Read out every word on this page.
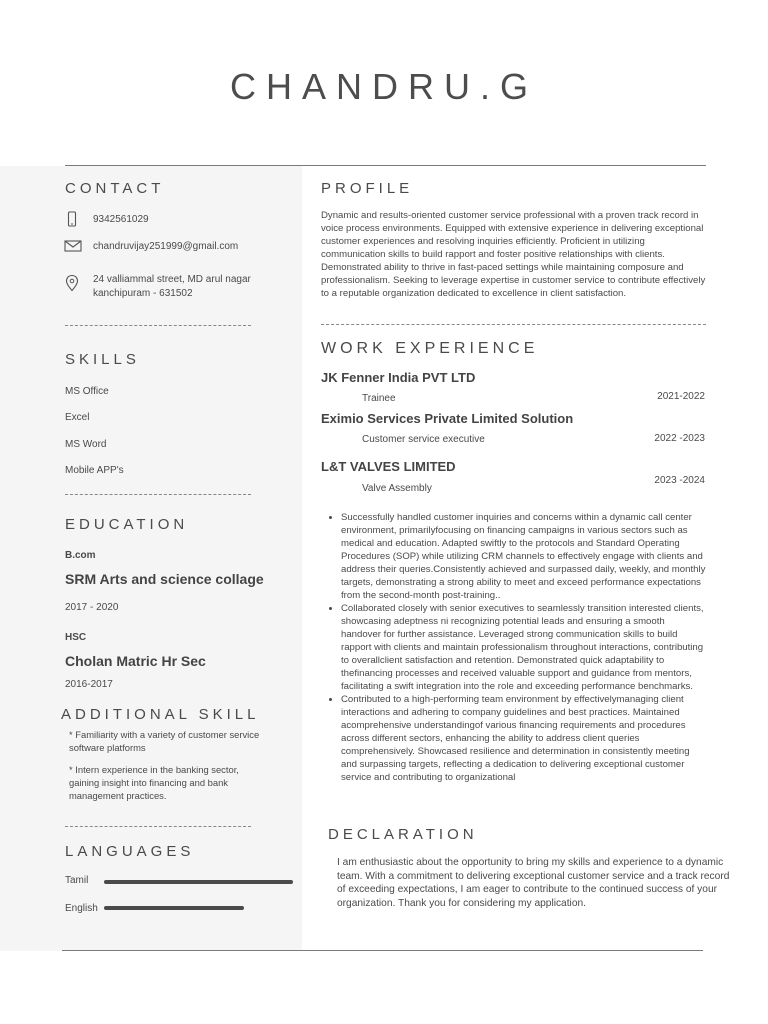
CHANDRU.G
CONTACT
9342561029
chandruvijay251999@gmail.com
24 valliammal street, MD arul nagar
kanchipuram - 631502
SKILLS
MS Office
Excel
MS Word
Mobile APP's
EDUCATION
B.com
SRM Arts and science collage
2017 - 2020
HSC
Cholan Matric Hr Sec
2016-2017
ADDITIONAL SKILL
* Familiarity with a variety of customer service software platforms
* Intern experience in the banking sector, gaining insight into financing and bank management practices.
LANGUAGES
Tamil
English
PROFILE
Dynamic and results-oriented customer service professional with a proven track record in voice process environments. Equipped with extensive experience in delivering exceptional customer experiences and resolving inquiries efficiently. Proficient in utilizing communication skills to build rapport and foster positive relationships with clients. Demonstrated ability to thrive in fast-paced settings while maintaining composure and professionalism. Seeking to leverage expertise in customer service to contribute effectively to a reputable organization dedicated to excellence in client satisfaction.
WORK EXPERIENCE
JK Fenner India PVT LTD
Trainee	2021-2022
Eximio Services Private Limited Solution
Customer service executive	2022 -2023
L&T VALVES LIMITED
Valve Assembly
2023 -2024
• Successfully handled customer inquiries and concerns within a dynamic call center environment, primarilyfocusing on financing campaigns in various sectors such as medical and education. Adapted swiftly to the protocols and Standard Operating Procedures (SOP) while utilizing CRM channels to effectively engage with clients and address their queries.Consistently achieved and surpassed daily, weekly, and monthly targets, demonstrating a strong ability to meet and exceed performance expectations from the second-month post-training..
• Collaborated closely with senior executives to seamlessly transition interested clients, showcasing adeptness ni recognizing potential leads and ensuring a smooth handover for further assistance. Leveraged strong communication skills to build rapport with clients and maintain professionalism throughout interactions, contributing to overallclient satisfaction and retention. Demonstrated quick adaptability to thefinancing processes and received valuable support and guidance from mentors, facilitating a swift integration into the role and exceeding performance benchmarks.
• Contributed to a high-performing team environment by effectivelymanaging client interactions and adhering to company guidelines and best practices. Maintained acomprehensive understandingof various financing requirements and procedures across different sectors, enhancing the ability to address client queries comprehensively. Showcased resilience and determination in consistently meeting and surpassing targets, reflecting a dedication to delivering exceptional customer service and contributing to organizational
DECLARATION
I am enthusiastic about the opportunity to bring my skills and experience to a dynamic team. With a commitment to delivering exceptional customer service and a track record of exceeding expectations, I am eager to contribute to the continued success of your organization. Thank you for considering my application.
